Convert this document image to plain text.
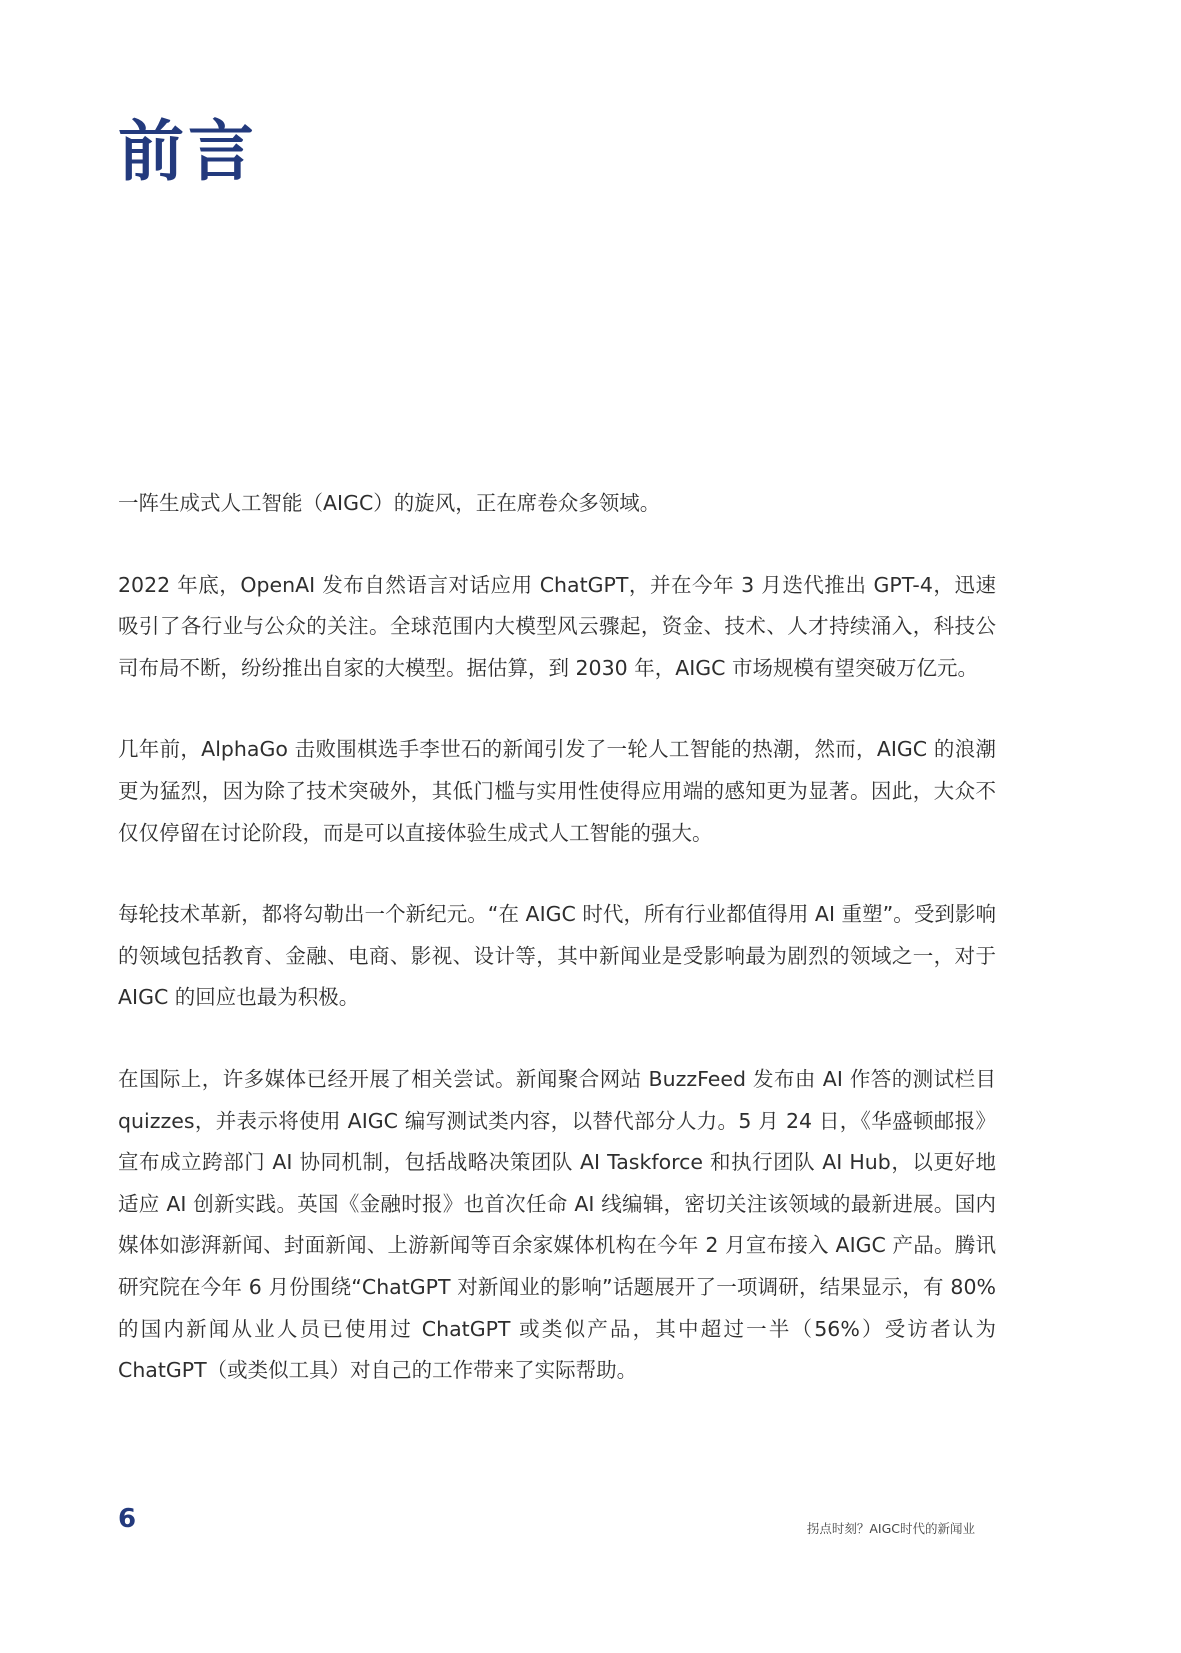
前言

一阵生成式人工智能（AIGC）的旋风，正在席卷众多领域。

2022 年底，OpenAI 发布自然语言对话应用 ChatGPT，并在今年 3 月迭代推出 GPT-4，迅速吸引了各行业与公众的关注。全球范围内大模型风云骤起，资金、技术、人才持续涌入，科技公司布局不断，纷纷推出自家的大模型。据估算，到 2030 年，AIGC 市场规模有望突破万亿元。

几年前，AlphaGo 击败围棋选手李世石的新闻引发了一轮人工智能的热潮，然而，AIGC 的浪潮更为猛烈，因为除了技术突破外，其低门槛与实用性使得应用端的感知更为显著。因此，大众不仅仅停留在讨论阶段，而是可以直接体验生成式人工智能的强大。

每轮技术革新，都将勾勒出一个新纪元。“在 AIGC 时代，所有行业都值得用 AI 重塑”。受到影响的领域包括教育、金融、电商、影视、设计等，其中新闻业是受影响最为剧烈的领域之一，对于 AIGC 的回应也最为积极。

在国际上，许多媒体已经开展了相关尝试。新闻聚合网站 BuzzFeed 发布由 AI 作答的测试栏目 quizzes，并表示将使用 AIGC 编写测试类内容，以替代部分人力。5 月 24 日，《华盛顿邮报》宣布成立跨部门 AI 协同机制，包括战略决策团队 AI Taskforce 和执行团队 AI Hub，以更好地适应 AI 创新实践。英国《金融时报》也首次任命 AI 线编辑，密切关注该领域的最新进展。国内媒体如澎湃新闻、封面新闻、上游新闻等百余家媒体机构在今年 2 月宣布接入 AIGC 产品。腾讯研究院在今年 6 月份围绕“ChatGPT 对新闻业的影响”话题展开了一项调研，结果显示，有 80% 的国内新闻从业人员已使用过 ChatGPT 或类似产品，其中超过一半（56%）受访者认为 ChatGPT（或类似工具）对自己的工作带来了实际帮助。

6	拐点时刻？AIGC时代的新闻业
